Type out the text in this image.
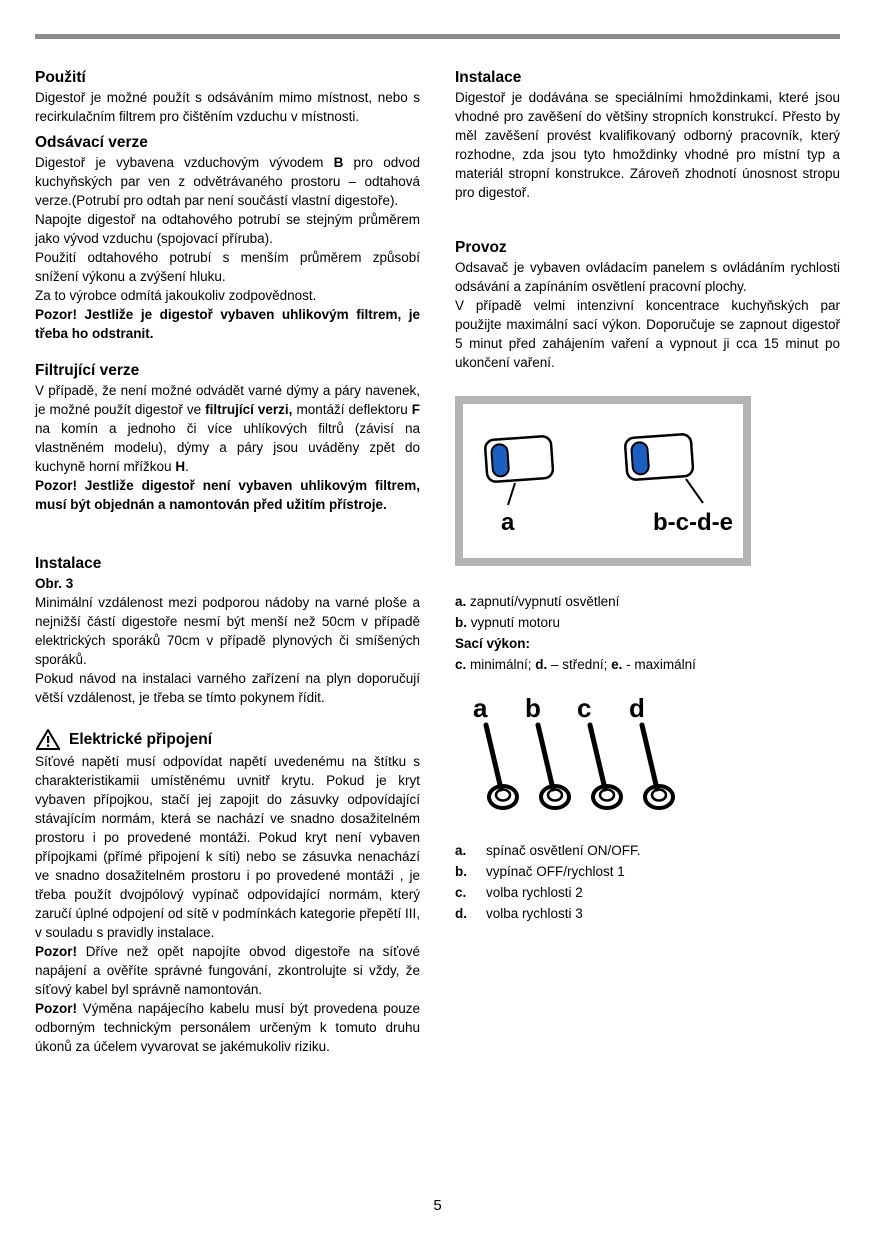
Použití

Digestoř je možné použít s odsáváním mimo místnost, nebo s recirkulačním filtrem pro čištěním vzduchu v místnosti.

Odsávací verze

Digestoř je vybavena vzduchovým vývodem B pro odvod kuchyňských par ven z odvětrávaného prostoru – odtahová verze.(Potrubí pro odtah par není součástí vlastní digestoře).

Napojte digestoř na odtahového potrubí se stejným průměrem jako vývod vzduchu (spojovací příruba).

Použití odtahového potrubí s menším průměrem způsobí snížení výkonu a zvýšení hluku.

Za to výrobce odmítá jakoukoliv zodpovědnost.

Pozor! Jestliže je digestoř vybaven uhlikovým filtrem, je třeba ho odstranit.

Filtrující verze

V případě, že není možné odvádět varné dýmy a páry navenek, je možné použít digestoř ve filtrující verzi, montáží deflektoru F na komín a jednoho či více uhlíkových filtrů (závisí na vlastněném modelu), dýmy a páry jsou uváděny zpět do kuchyně horní mřížkou H.

Pozor! Jestliže digestoř není vybaven uhlikovým filtrem, musí být objednán a namontován před užitím přístroje.

Instalace

Obr. 3

Minimální vzdálenost mezi podporou nádoby na varné ploše a nejnižší částí digestoře nesmí být menší než 50cm v případě elektrických sporáků 70cm v případě plynových či smíšených sporáků.

Pokud návod na instalaci varného zařízení na plyn doporučují větší vzdálenost, je třeba se tímto pokynem řídit.

Elektrické připojení

Síťové napětí musí odpovídat napětí uvedenému na štítku s charakteristikamii umístěnému uvnitř krytu. Pokud je kryt vybaven přípojkou, stačí jej zapojit do zásuvky odpovídající stávajícím normám, která se nachází ve snadno dosažitelném prostoru i po provedené montáži. Pokud kryt není vybaven přípojkami (přímé připojení k síti) nebo se zásuvka nenachází ve snadno dosažitelném prostoru i po provedené montáži , je třeba použít dvojpólový vypínač odpovídající normám, který zaručí úplné odpojení od sítě v podmínkách kategorie přepětí III, v souladu s pravidly instalace.

Pozor! Dříve než opět napojíte obvod digestoře na síťové napájení a ověříte správné fungování, zkontrolujte si vždy, že síťový kabel byl správně namontován.

Pozor! Výměna napájecího kabelu musí být provedena pouze odborným technickým personálem určeným k tomuto druhu úkonů za účelem vyvarovat se jakémukoliv riziku.

Instalace

Digestoř je dodávána se speciálními hmoždinkami, které jsou vhodné pro zavěšení do většiny stropních konstrukcí. Přesto by měl zavěšení provést kvalifikovaný odborný pracovník, který rozhodne, zda jsou tyto hmoždinky vhodné pro místní typ a materiál stropní konstrukce. Zároveň zhodnotí únosnost stropu pro digestoř.

Provoz

Odsavač je vybaven ovládacím panelem s ovládáním rychlosti odsávání a zapínáním osvětlení pracovní plochy.

V případě velmi intenzivní koncentrace kuchyňských par použijte maximální sací výkon. Doporučuje se zapnout digestoř 5 minut před zahájením vaření a vypnout ji cca 15 minut po ukončení vaření.

a	b-c-d-e
a. zapnutí/vypnutí osvětlení
b. vypnutí motoru
Sací výkon:
c. minimální; d. – střední; e. - maximální
a b c d
a.	spínač osvětlení ON/OFF.
b.	vypínač OFF/rychlost 1
c.	volba rychlosti 2
d.	volba rychlosti 3
5
